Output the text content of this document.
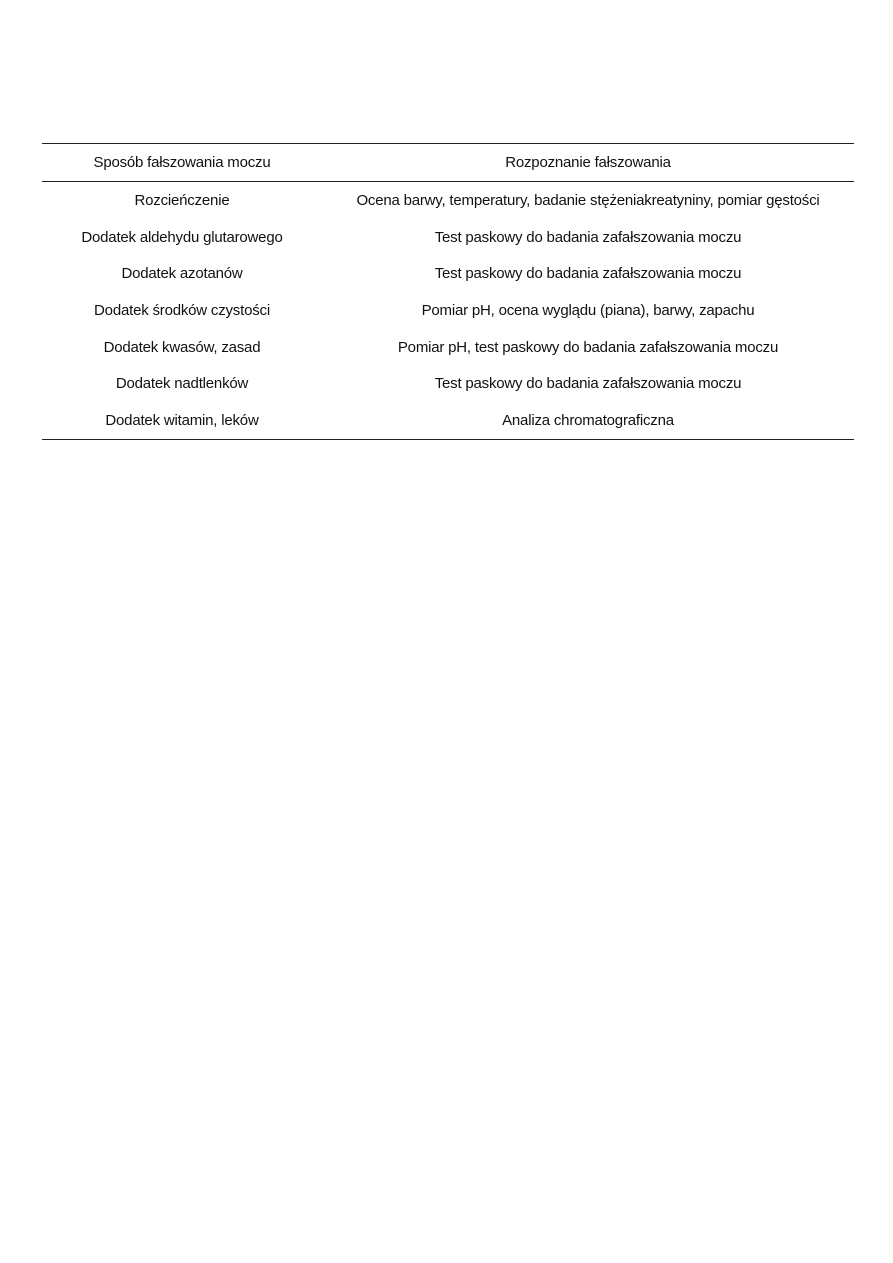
Sposób fałszowania moczu	Rozpoznanie fałszowania
Rozcieńczenie	Ocena barwy, temperatury, badanie stężeniakreatyniny, pomiar gęstości
Dodatek aldehydu glutarowego	Test paskowy do badania zafałszowania moczu
Dodatek azotanów	Test paskowy do badania zafałszowania moczu
Dodatek środków czystości	Pomiar pH, ocena wyglądu (piana), barwy, zapachu
Dodatek kwasów, zasad	Pomiar pH, test paskowy do badania zafałszowania moczu
Dodatek nadtlenków	Test paskowy do badania zafałszowania moczu
Dodatek witamin, leków	Analiza chromatograficzna
